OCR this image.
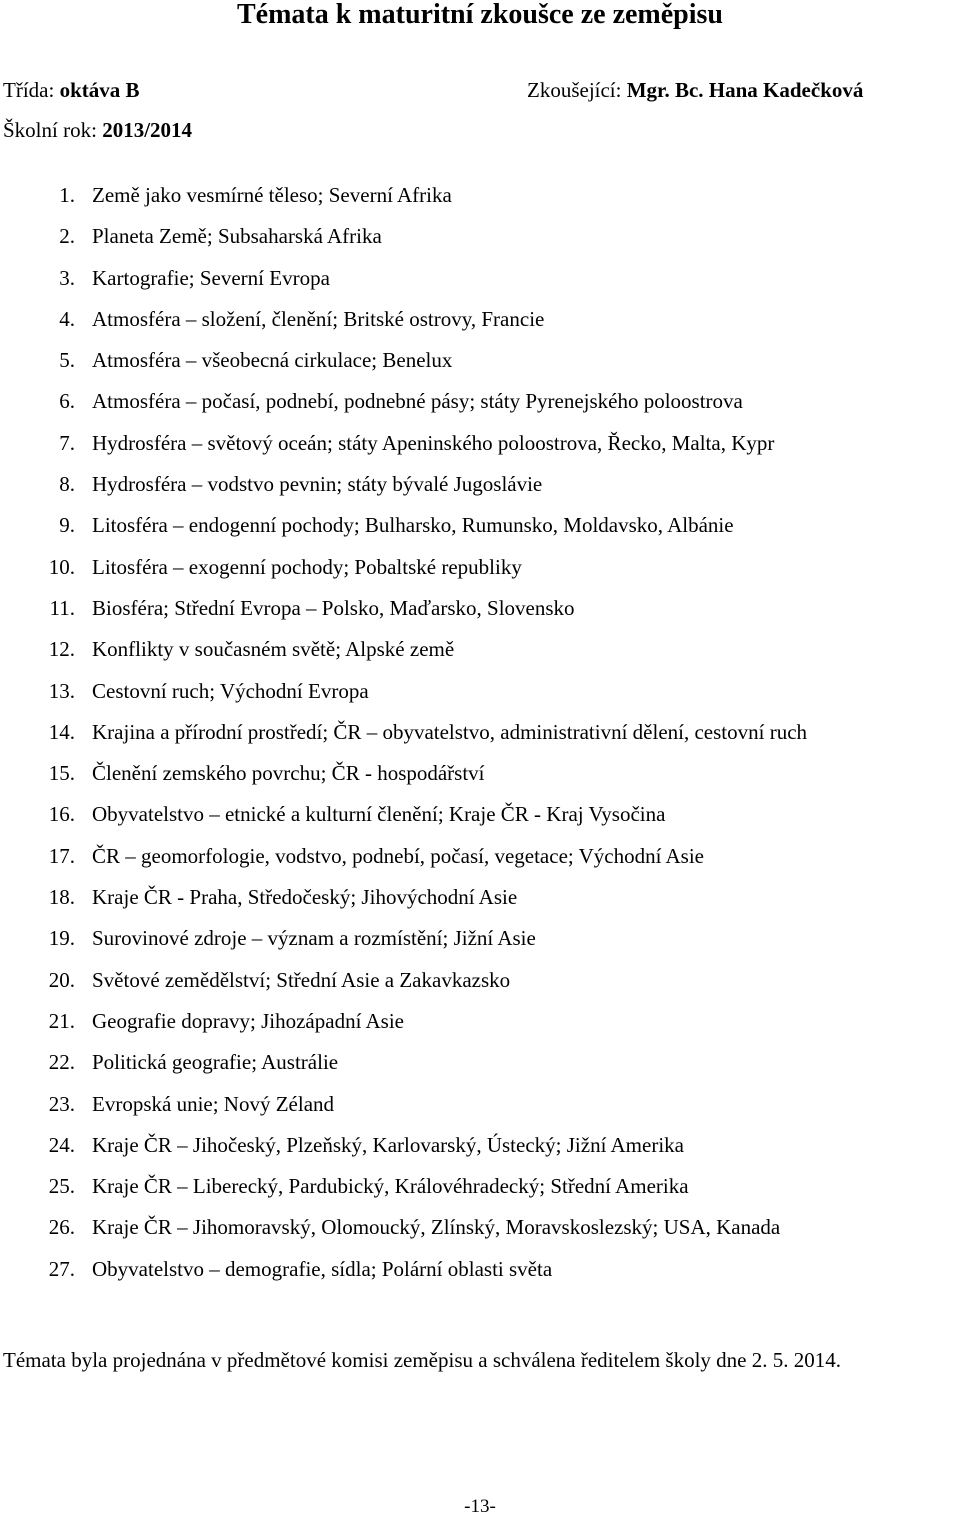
Témata k maturitní zkoušce ze zeměpisu
Třída: oktáva B	Zkoušející: Mgr. Bc. Hana Kadečková
Školní rok: 2013/2014
1. Země jako vesmírné těleso; Severní Afrika
2. Planeta Země; Subsaharská Afrika
3. Kartografie; Severní Evropa
4. Atmosféra – složení, členění; Britské ostrovy, Francie
5. Atmosféra – všeobecná cirkulace; Benelux
6. Atmosféra – počasí, podnebí, podnebné pásy; státy Pyrenejského poloostrova
7. Hydrosféra – světový oceán; státy Apeninského poloostrova, Řecko, Malta, Kypr
8. Hydrosféra – vodstvo pevnin; státy bývalé Jugoslávie
9. Litosféra – endogenní pochody; Bulharsko, Rumunsko, Moldavsko, Albánie
10. Litosféra – exogenní pochody; Pobaltské republiky
11. Biosféra; Střední Evropa – Polsko, Maďarsko, Slovensko
12. Konflikty v současném světě; Alpské země
13. Cestovní ruch; Východní Evropa
14. Krajina a přírodní prostředí; ČR – obyvatelstvo, administrativní dělení, cestovní ruch
15. Členění zemského povrchu; ČR - hospodářství
16. Obyvatelstvo – etnické a kulturní členění; Kraje ČR - Kraj Vysočina
17. ČR – geomorfologie, vodstvo, podnebí, počasí, vegetace; Východní Asie
18. Kraje ČR - Praha, Středočeský; Jihovýchodní Asie
19. Surovinové zdroje – význam a rozmístění; Jižní Asie
20. Světové zemědělství; Střední Asie a Zakavkazsko
21. Geografie dopravy; Jihozápadní Asie
22. Politická geografie; Austrálie
23. Evropská unie; Nový Zéland
24. Kraje ČR – Jihočeský, Plzeňský, Karlovarský, Ústecký; Jižní Amerika
25. Kraje ČR – Liberecký, Pardubický, Královéhradecký; Střední Amerika
26. Kraje ČR – Jihomoravský, Olomoucký, Zlínský, Moravskoslezský; USA, Kanada
27. Obyvatelstvo – demografie, sídla; Polární oblasti světa
Témata byla projednána v předmětové komisi zeměpisu a schválena ředitelem školy dne 2. 5. 2014.
-13-
